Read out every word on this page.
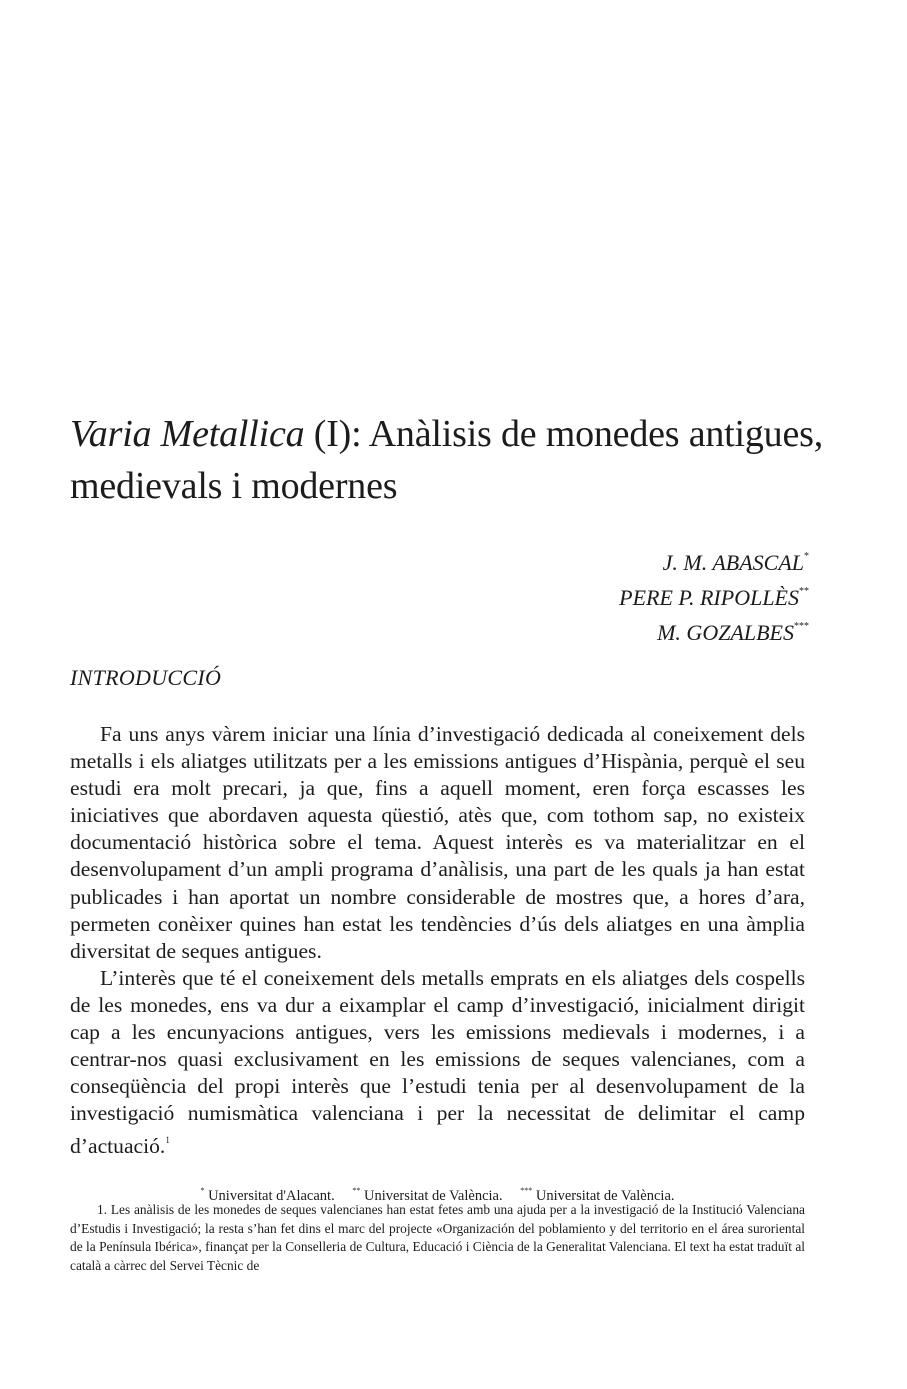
Varia Metallica (I): Anàlisis de monedes antigues, medievals i modernes
J. M. ABASCAL*
PERE P. RIPOLLÈS**
M. GOZALBES***
INTRODUCCIÓ

Fa uns anys vàrem iniciar una línia d’investigació dedicada al coneixement dels metalls i els aliatges utilitzats per a les emissions antigues d’Hispània, perquè el seu estudi era molt precari, ja que, fins a aquell moment, eren força escasses les iniciatives que abordaven aquesta qüestió, atès que, com tothom sap, no existeix documentació històrica sobre el tema. Aquest interès es va materialitzar en el desenvolupament d’un ampli programa d’anàlisis, una part de les quals ja han estat publicades i han aportat un nombre considerable de mostres que, a hores d’ara, permeten conèixer quines han estat les tendències d’ús dels aliatges en una àmplia diversitat de seques antigues.

L’interès que té el coneixement dels metalls emprats en els aliatges dels cospells de les monedes, ens va dur a eixamplar el camp d’investigació, inicialment dirigit cap a les encunyacions antigues, vers les emissions medievals i modernes, i a centrar-nos quasi exclusivament en les emissions de seques valencianes, com a conseqüència del propi interès que l’estudi tenia per al desenvolupament de la investigació numismàtica valenciana i per la necessitat de delimitar el camp d’actuació.$^1$

* Universitat d'Alacant. ** Universitat de València. *** Universitat de València.
1. Les anàlisis de les monedes de seques valencianes han estat fetes amb una ajuda per a la investigació de la Institució Valenciana d’Estudis i Investigació; la resta s’han fet dins el marc del projecte «Organización del poblamiento y del territorio en el área suroriental de la Península Ibérica», finançat per la Conselleria de Cultura, Educació i Ciència de la Generalitat Valenciana. El text ha estat traduït al català a càrrec del Servei Tècnic de
